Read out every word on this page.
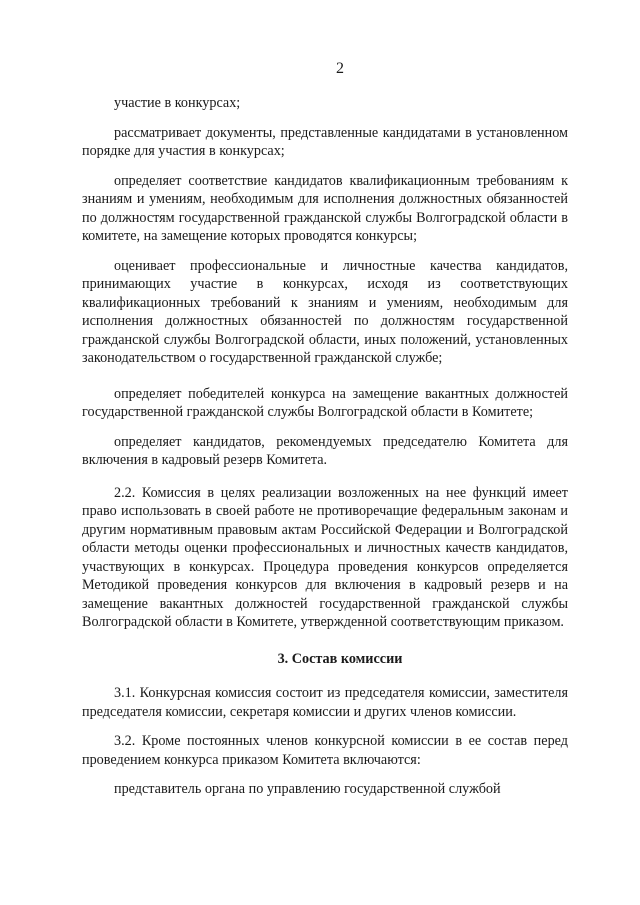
2

участие в конкурсах;

рассматривает документы, представленные кандидатами в установленном порядке для участия в конкурсах;

определяет соответствие кандидатов квалификационным требованиям к знаниям и умениям, необходимым для исполнения должностных обязанностей по должностям государственной гражданской службы Волгоградской области в комитете, на замещение которых проводятся конкурсы;

оценивает профессиональные и личностные качества кандидатов, принимающих участие в конкурсах, исходя из соответствующих квалификационных требований к знаниям и умениям, необходимым для исполнения должностных обязанностей по должностям государственной гражданской службы Волгоградской области, иных положений, установленных законодательством о государственной гражданской службе;

определяет победителей конкурса на замещение вакантных должностей государственной гражданской службы Волгоградской области в Комитете;

определяет кандидатов, рекомендуемых председателю Комитета для включения в кадровый резерв Комитета.

2.2. Комиссия в целях реализации возложенных на нее функций имеет право использовать в своей работе не противоречащие федеральным законам и другим нормативным правовым актам Российской Федерации и Волгоградской области методы оценки профессиональных и личностных качеств кандидатов, участвующих в конкурсах. Процедура проведения конкурсов определяется Методикой проведения конкурсов для включения в кадровый резерв и на замещение вакантных должностей государственной гражданской службы Волгоградской области в Комитете, утвержденной соответствующим приказом.

3. Состав комиссии

3.1. Конкурсная комиссия состоит из председателя комиссии, заместителя председателя комиссии, секретаря комиссии и других членов комиссии.

3.2. Кроме постоянных членов конкурсной комиссии в ее состав перед проведением конкурса приказом Комитета включаются:

представитель органа по управлению государственной службой
